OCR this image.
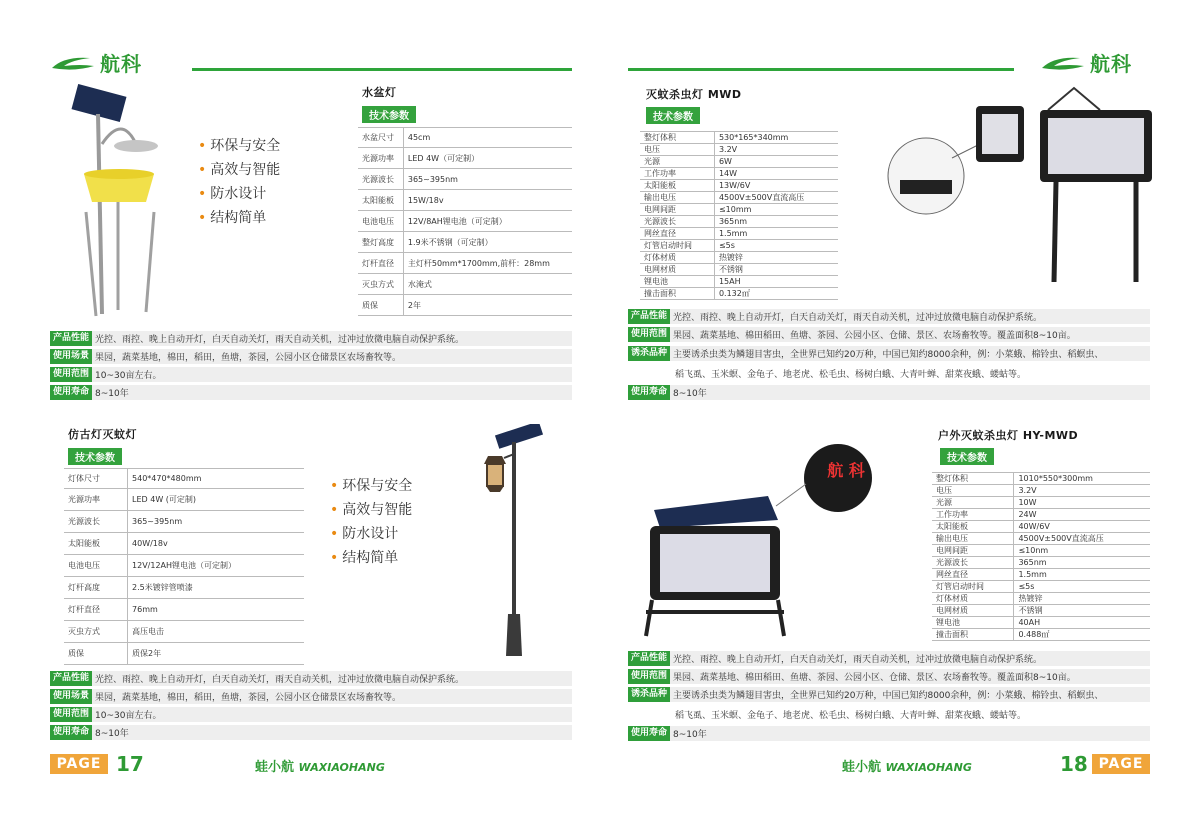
航科	航科
• 环保与安全
• 高效与智能
• 防水设计
• 结构简单
水盆灯
技术参数
水盆尺寸	45cm
光源功率	LED 4W（可定制）
光源波长	365~395nm
太阳能板	15W/18v
电池电压	12V/8AH锂电池（可定制）
整灯高度	1.9米不锈钢（可定制）
灯杆直径	主灯杆50mm*1700mm,前杆：28mm
灭虫方式	水淹式
质保	2年
产品性能 光控、雨控、晚上自动开灯，白天自动关灯，雨天自动关机，过冲过放微电脑自动保护系统。
使用场景 果园，蔬菜基地，棉田，稻田，鱼塘，茶园，公园小区仓储景区农场畜牧等。
使用范围 10~30亩左右。
使用寿命 8~10年
仿古灯灭蚊灯
技术参数
灯体尺寸	540*470*480mm
光源功率	LED 4W (可定制)
光源波长	365~395nm
太阳能板	40W/18v
电池电压	12V/12AH锂电池（可定制）
灯杆高度	2.5米镀锌管喷漆
灯杆直径	76mm
灭虫方式	高压电击
质保	质保2年
• 环保与安全
• 高效与智能
• 防水设计
• 结构简单
产品性能 光控、雨控、晚上自动开灯，白天自动关灯，雨天自动关机，过冲过放微电脑自动保护系统。
使用场景 果园，蔬菜基地，棉田，稻田，鱼塘，茶园，公园小区仓储景区农场畜牧等。
使用范围 10~30亩左右。
使用寿命 8~10年
灭蚊杀虫灯 MWD
技术参数
整灯体积	530*165*340mm
电压	3.2V
光源	6W
工作功率	14W
太阳能板	13W/6V
输出电压	4500V±500V直流高压
电网间距	≤10mm
光源波长	365nm
网丝直径	1.5mm
灯管启动时间	≤5s
灯体材质	热镀锌
电网材质	不锈钢
锂电池	15AH
撞击面积	0.132㎡
产品性能 光控、雨控、晚上自动开灯，白天自动关灯，雨天自动关机，过冲过放微电脑自动保护系统。
使用范围 果园、蔬菜基地、棉田稻田、鱼塘、茶园、公园小区、仓储、景区、农场畜牧等。覆盖面积8~10亩。
诱杀品种 主要诱杀虫类为鳞翅目害虫，全世界已知约20万种，中国已知约8000余种，例：小菜蛾、棉铃虫、稻螟虫、
稻飞虱、玉米螟、金龟子、地老虎、松毛虫、杨树白蛾、大青叶蝉、甜菜夜蛾、蝼蛄等。
使用寿命 8~10年
户外灭蚊杀虫灯 HY-MWD
技术参数
整灯体积	1010*550*300mm
电压	3.2V
光源	10W
工作功率	24W
太阳能板	40W/6V
输出电压	4500V±500V直流高压
电网间距	≤10nm
光源波长	365nm
网丝直径	1.5mm
灯管启动时间	≤5s
灯体材质	热镀锌
电网材质	不锈钢
锂电池	40AH
撞击面积	0.488㎡
航 科
产品性能 光控、雨控、晚上自动开灯，白天自动关灯，雨天自动关机，过冲过放微电脑自动保护系统。
使用范围 果园、蔬菜基地、棉田稻田、鱼塘、茶园、公园小区、仓储、景区、农场畜牧等。覆盖面积8~10亩。
诱杀品种 主要诱杀虫类为鳞翅目害虫，全世界已知约20万种，中国已知约8000余种，例：小菜蛾、棉铃虫、稻螟虫、
稻飞虱、玉米螟、金龟子、地老虎、松毛虫、杨树白蛾、大青叶蝉、甜菜夜蛾、蝼蛄等。
使用寿命 8~10年
PAGE 17	蛙小航 WAXIAOHANG	蛙小航 WAXIAOHANG	18 PAGE
